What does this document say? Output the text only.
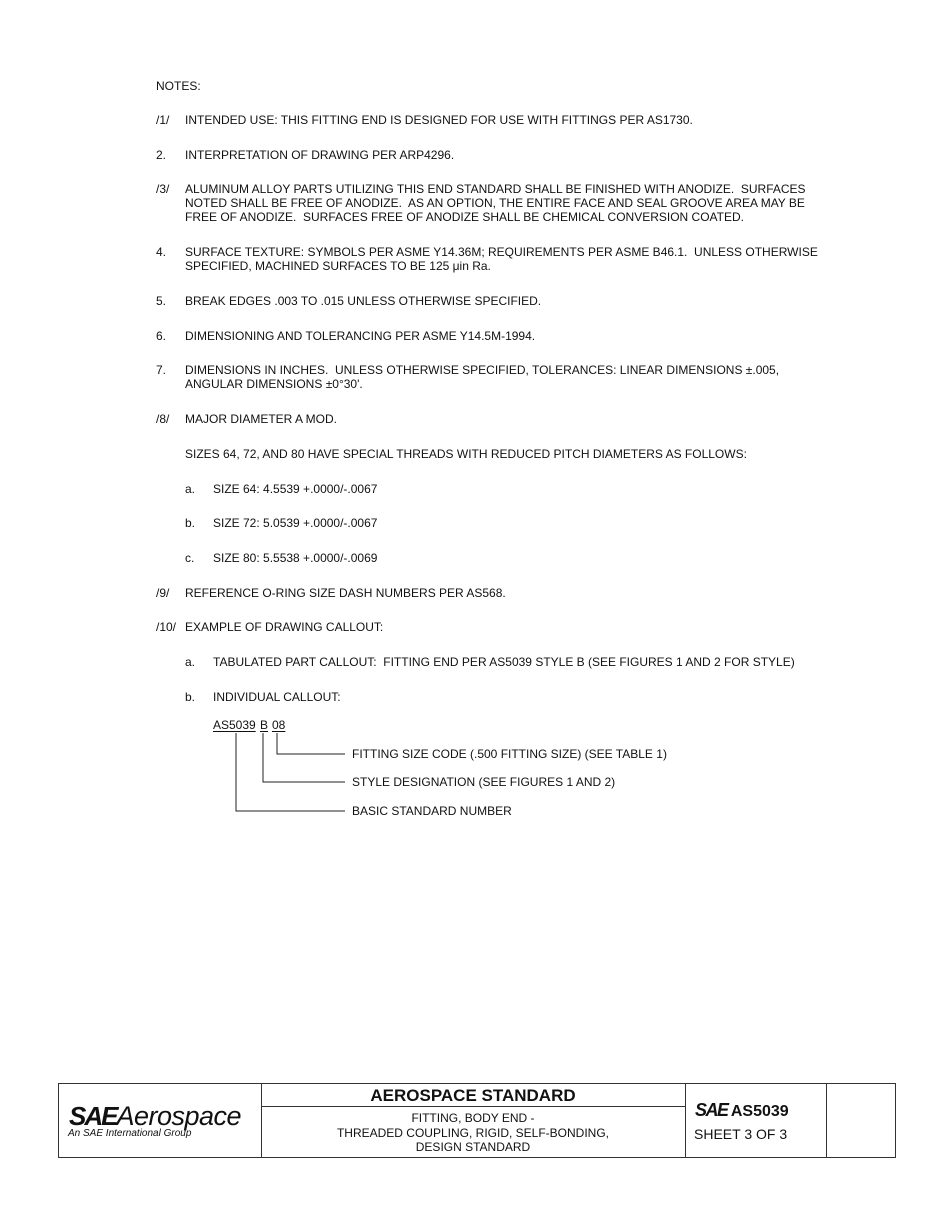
NOTES:
/1/ INTENDED USE: THIS FITTING END IS DESIGNED FOR USE WITH FITTINGS PER AS1730.
2. INTERPRETATION OF DRAWING PER ARP4296.
/3/ ALUMINUM ALLOY PARTS UTILIZING THIS END STANDARD SHALL BE FINISHED WITH ANODIZE.  SURFACES
NOTED SHALL BE FREE OF ANODIZE.  AS AN OPTION, THE ENTIRE FACE AND SEAL GROOVE AREA MAY BE
FREE OF ANODIZE.  SURFACES FREE OF ANODIZE SHALL BE CHEMICAL CONVERSION COATED.
4. SURFACE TEXTURE: SYMBOLS PER ASME Y14.36M; REQUIREMENTS PER ASME B46.1.  UNLESS OTHERWISE
SPECIFIED, MACHINED SURFACES TO BE 125 μin Ra.
5. BREAK EDGES .003 TO .015 UNLESS OTHERWISE SPECIFIED.
6. DIMENSIONING AND TOLERANCING PER ASME Y14.5M-1994.
7. DIMENSIONS IN INCHES.  UNLESS OTHERWISE SPECIFIED, TOLERANCES: LINEAR DIMENSIONS ±.005,
ANGULAR DIMENSIONS ±0°30'.
/8/ MAJOR DIAMETER A MOD.
SIZES 64, 72, AND 80 HAVE SPECIAL THREADS WITH REDUCED PITCH DIAMETERS AS FOLLOWS:
a. SIZE 64: 4.5539 +.0000/-.0067
b. SIZE 72: 5.0539 +.0000/-.0067
c. SIZE 80: 5.5538 +.0000/-.0069
/9/ REFERENCE O-RING SIZE DASH NUMBERS PER AS568.
/10/ EXAMPLE OF DRAWING CALLOUT:
a. TABULATED PART CALLOUT:  FITTING END PER AS5039 STYLE B (SEE FIGURES 1 AND 2 FOR STYLE)
b. INDIVIDUAL CALLOUT:
AS5039 B 08
FITTING SIZE CODE (.500 FITTING SIZE) (SEE TABLE 1)
STYLE DESIGNATION (SEE FIGURES 1 AND 2)
BASIC STANDARD NUMBER
SAEAerospace
An SAE International Group
AEROSPACE STANDARD
FITTING, BODY END -
THREADED COUPLING, RIGID, SELF-BONDING,
DESIGN STANDARD
SAE AS5039
SHEET 3 OF 3
